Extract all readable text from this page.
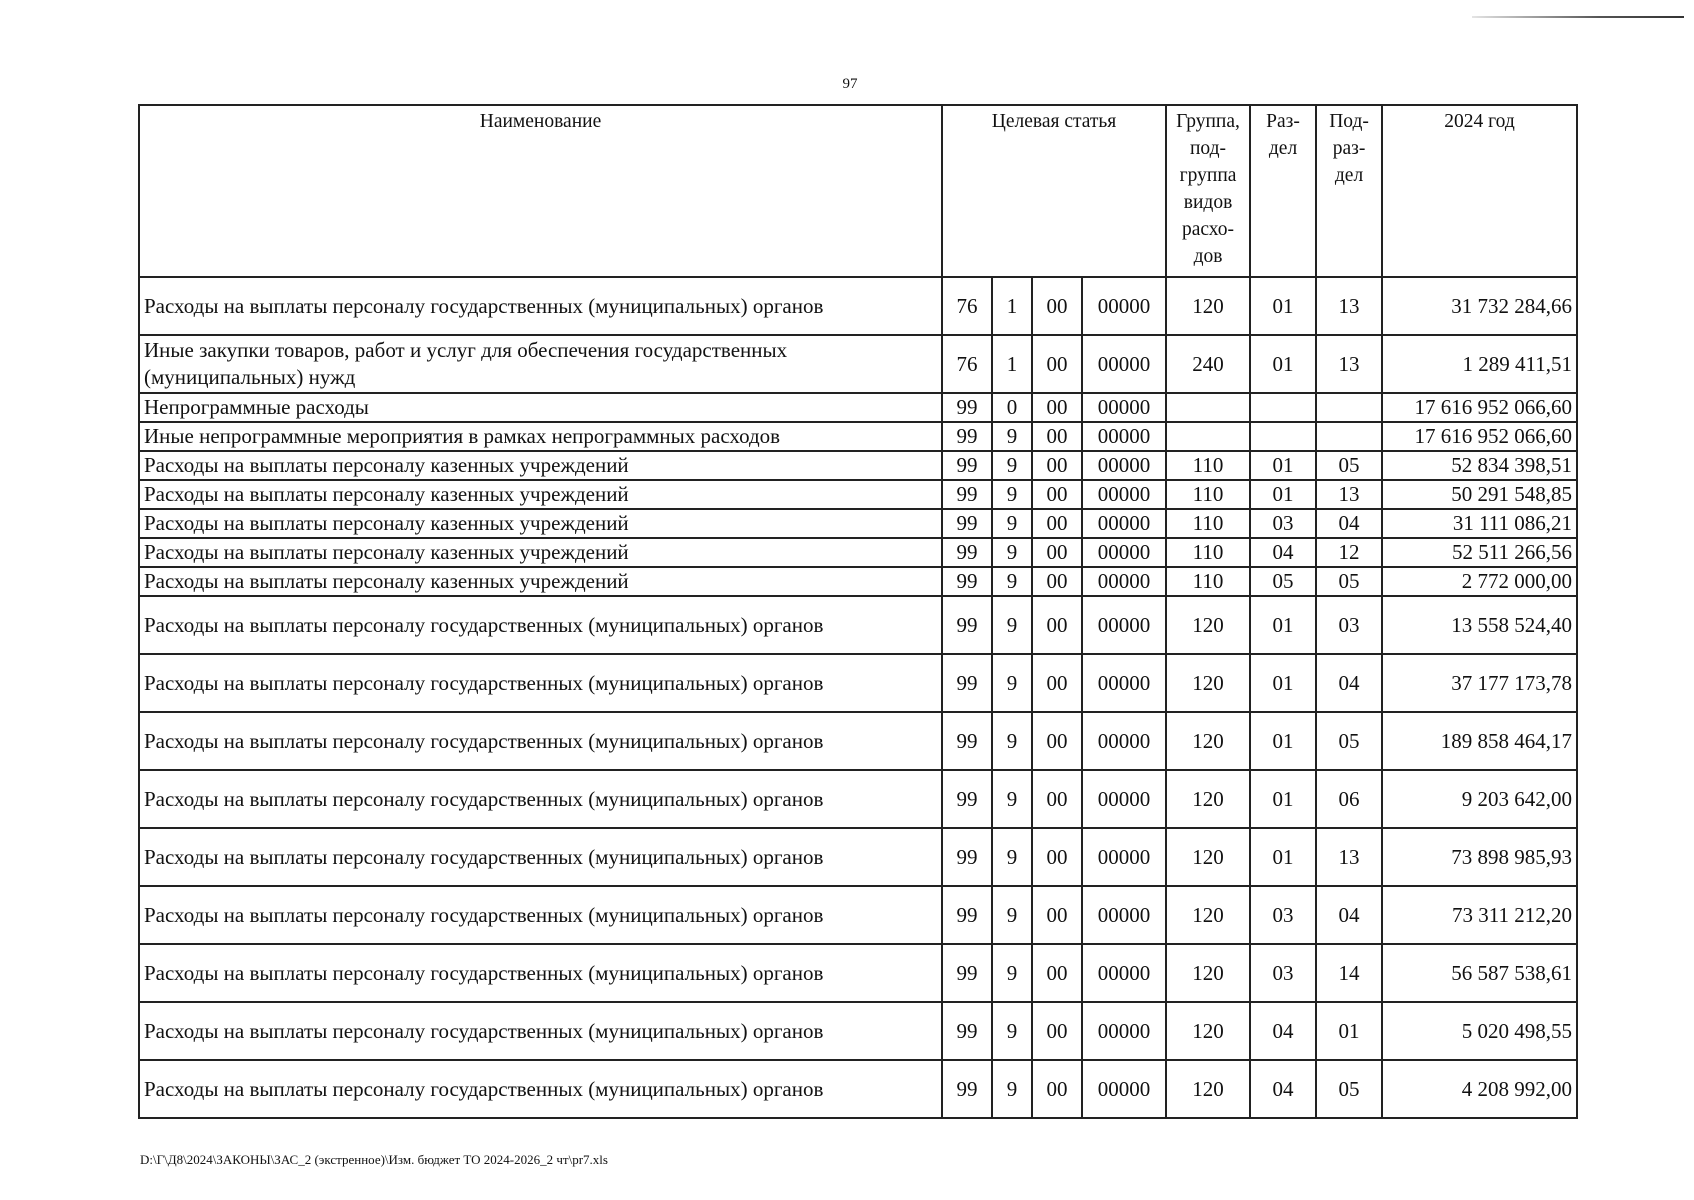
97
Наименование	Целевая статья				Группа, под-группа видов расхо-дов	Раз-дел	Под-раз-дел	2024 год
Расходы на выплаты персоналу государственных (муниципальных) органов	76	1	00	00000	120	01	13	31 732 284,66
Иные закупки товаров, работ и услуг для обеспечения государственных (муниципальных) нужд	76	1	00	00000	240	01	13	1 289 411,51
Непрограммные расходы	99	0	00	00000				17 616 952 066,60
Иные непрограммные мероприятия в рамках непрограммных расходов	99	9	00	00000				17 616 952 066,60
Расходы на выплаты персоналу казенных учреждений	99	9	00	00000	110	01	05	52 834 398,51
Расходы на выплаты персоналу казенных учреждений	99	9	00	00000	110	01	13	50 291 548,85
Расходы на выплаты персоналу казенных учреждений	99	9	00	00000	110	03	04	31 111 086,21
Расходы на выплаты персоналу казенных учреждений	99	9	00	00000	110	04	12	52 511 266,56
Расходы на выплаты персоналу казенных учреждений	99	9	00	00000	110	05	05	2 772 000,00
Расходы на выплаты персоналу государственных (муниципальных) органов	99	9	00	00000	120	01	03	13 558 524,40
Расходы на выплаты персоналу государственных (муниципальных) органов	99	9	00	00000	120	01	04	37 177 173,78
Расходы на выплаты персоналу государственных (муниципальных) органов	99	9	00	00000	120	01	05	189 858 464,17
Расходы на выплаты персоналу государственных (муниципальных) органов	99	9	00	00000	120	01	06	9 203 642,00
Расходы на выплаты персоналу государственных (муниципальных) органов	99	9	00	00000	120	01	13	73 898 985,93
Расходы на выплаты персоналу государственных (муниципальных) органов	99	9	00	00000	120	03	04	73 311 212,20
Расходы на выплаты персоналу государственных (муниципальных) органов	99	9	00	00000	120	03	14	56 587 538,61
Расходы на выплаты персоналу государственных (муниципальных) органов	99	9	00	00000	120	04	01	5 020 498,55
Расходы на выплаты персоналу государственных (муниципальных) органов	99	9	00	00000	120	04	05	4 208 992,00
D:\Г\Д8\2024\ЗАКОНЫ\ЗАС_2 (экстренное)\Изм. бюджет ТО 2024-2026_2 чт\pr7.xls
